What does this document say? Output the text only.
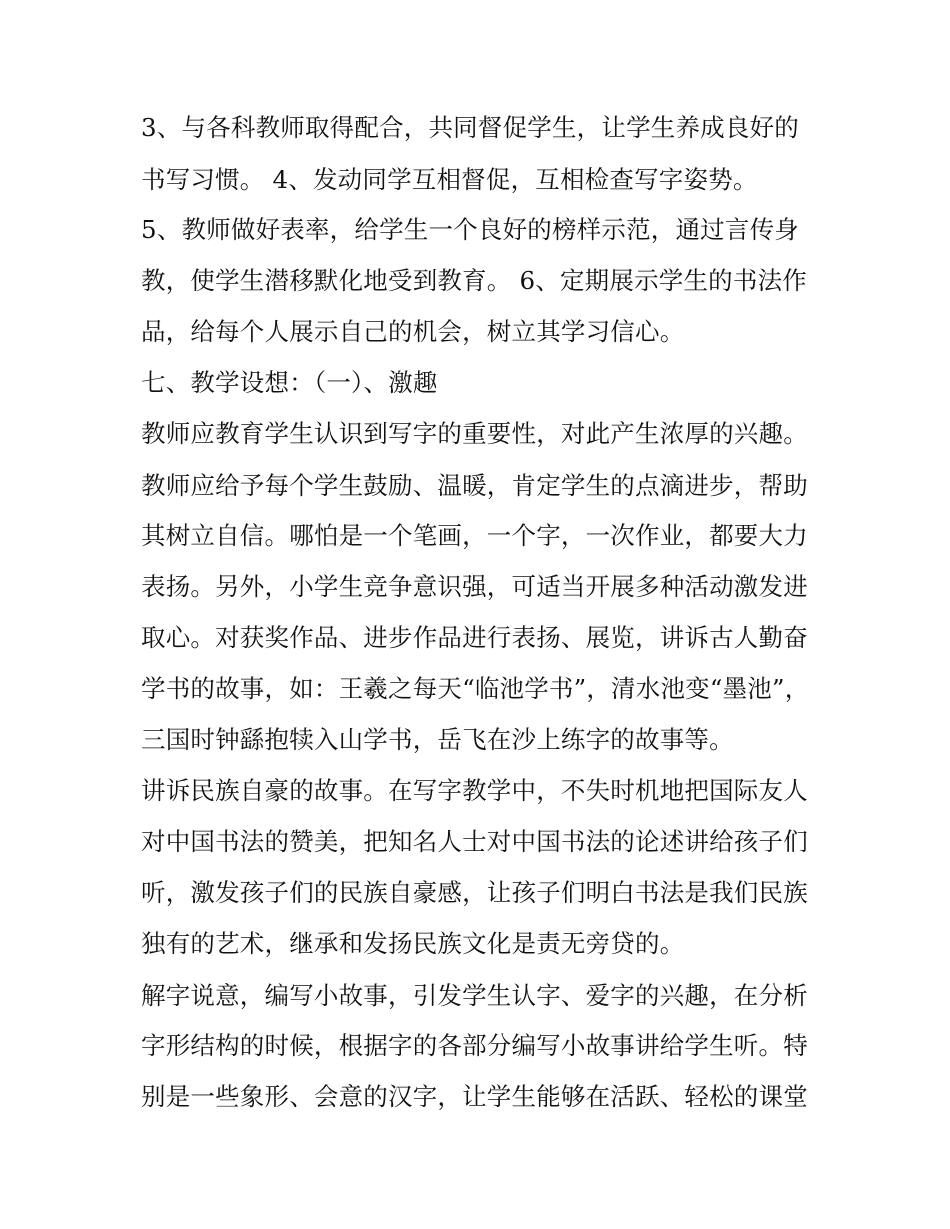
3、与各科教师取得配合，共同督促学生，让学生养成良好的
书写习惯。 4、发动同学互相督促，互相检查写字姿势。
5、教师做好表率，给学生一个良好的榜样示范，通过言传身
教，使学生潜移默化地受到教育。 6、定期展示学生的书法作
品，给每个人展示自己的机会，树立其学习信心。
七、教学设想：（一）、激趣
教师应教育学生认识到写字的重要性，对此产生浓厚的兴趣。
教师应给予每个学生鼓励、温暖，肯定学生的点滴进步，帮助
其树立自信。哪怕是一个笔画，一个字，一次作业，都要大力
表扬。另外，小学生竞争意识强，可适当开展多种活动激发进
取心。对获奖作品、进步作品进行表扬、展览，讲诉古人勤奋
学书的故事，如：王羲之每天“临池学书”，清水池变“墨池”，
三国时钟繇抱犊入山学书，岳飞在沙上练字的故事等。
讲诉民族自豪的故事。在写字教学中，不失时机地把国际友人
对中国书法的赞美，把知名人士对中国书法的论述讲给孩子们
听，激发孩子们的民族自豪感，让孩子们明白书法是我们民族
独有的艺术，继承和发扬民族文化是责无旁贷的。
解字说意，编写小故事，引发学生认字、爱字的兴趣，在分析
字形结构的时候，根据字的各部分编写小故事讲给学生听。特
别是一些象形、会意的汉字，让学生能够在活跃、轻松的课堂
